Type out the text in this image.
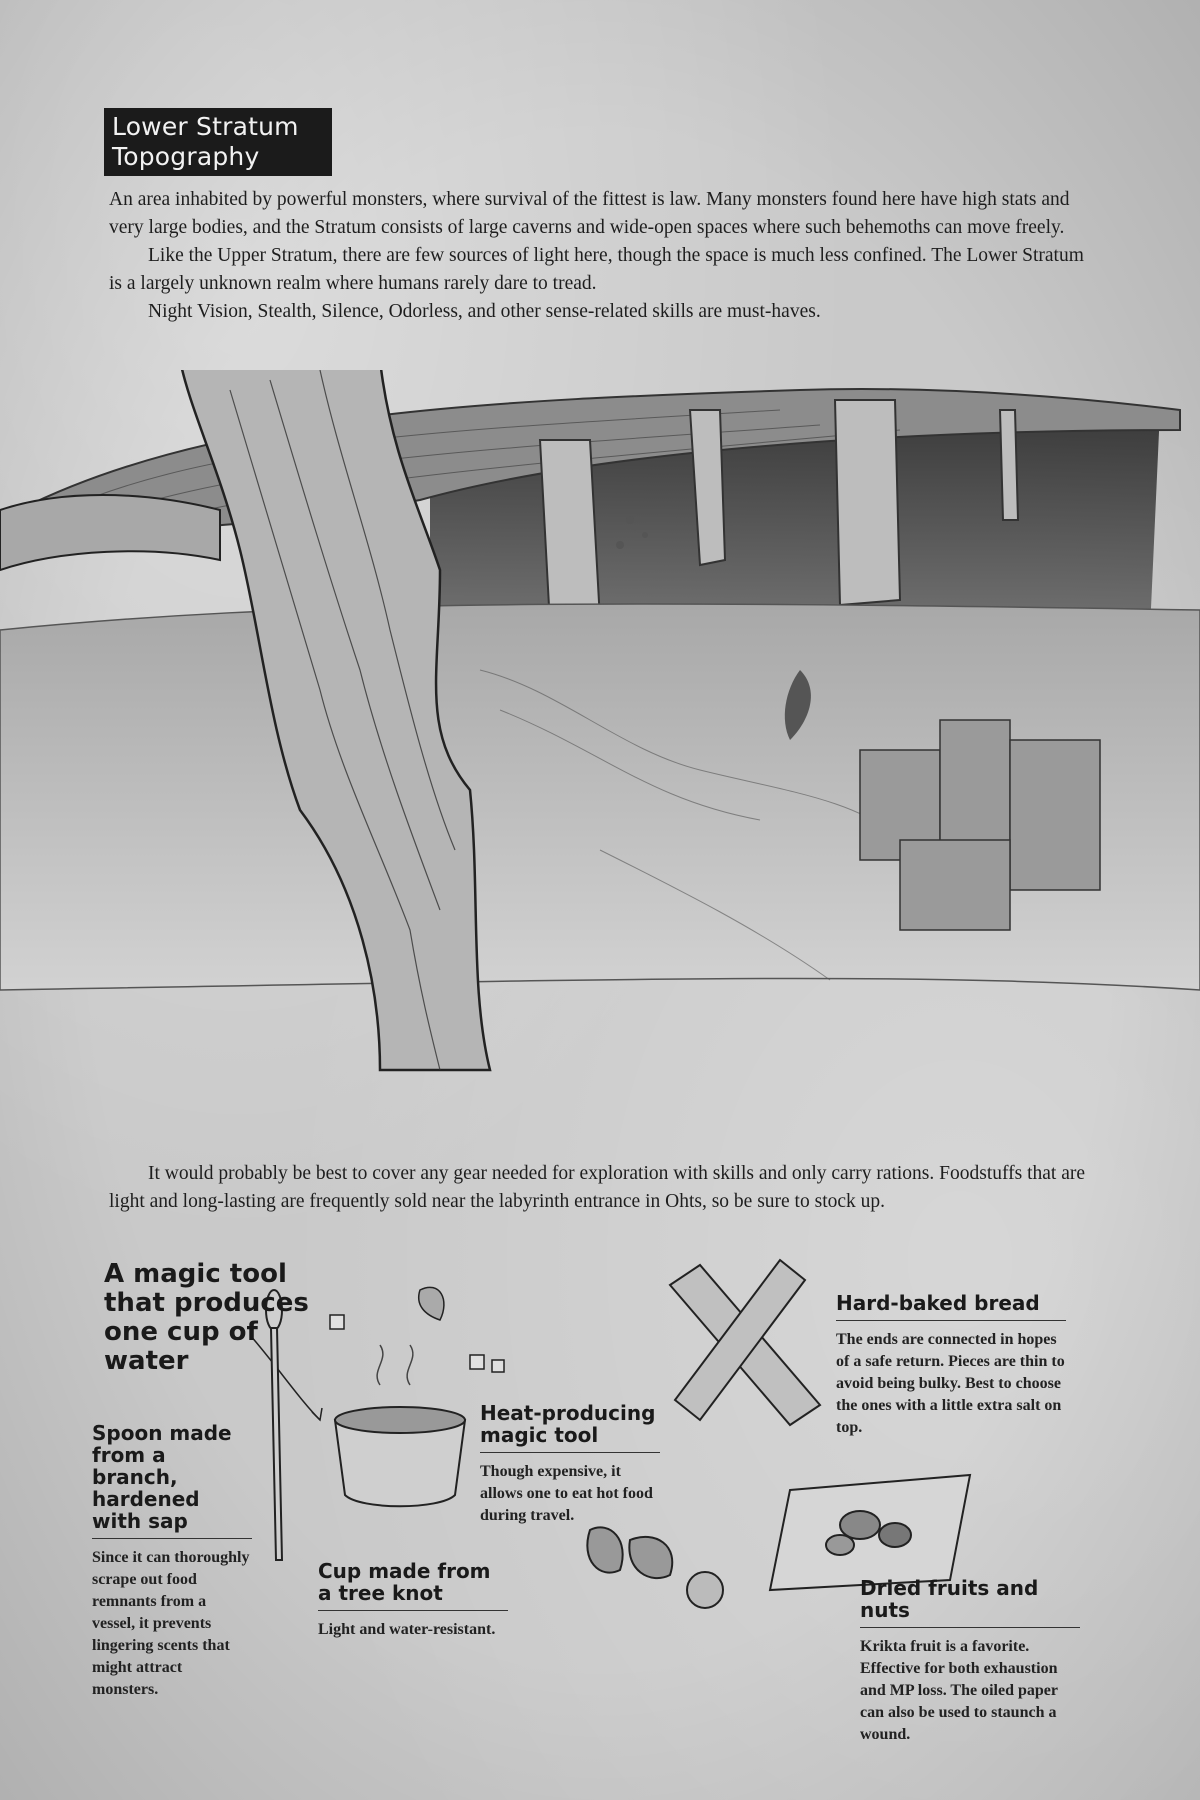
Lower Stratum Topography

An area inhabited by powerful monsters, where survival of the fittest is law. Many monsters found here have high stats and very large bodies, and the Stratum consists of large caverns and wide-open spaces where such behemoths can move freely.

Like the Upper Stratum, there are few sources of light here, though the space is much less confined. The Lower Stratum is a largely unknown realm where humans rarely dare to tread.

Night Vision, Stealth, Silence, Odorless, and other sense-related skills are must-haves.

It would probably be best to cover any gear needed for exploration with skills and only carry rations. Foodstuffs that are light and long-lasting are frequently sold near the labyrinth entrance in Ohts, so be sure to stock up.

A magic tool that produces one cup of water
Spoon made from a branch, hardened with sap
Since it can thoroughly scrape out food remnants from a vessel, it prevents lingering scents that might attract monsters.
Heat-producing magic tool
Though expensive, it allows one to eat hot food during travel.
Cup made from a tree knot
Light and water-resistant.
Hard-baked bread
The ends are connected in hopes of a safe return. Pieces are thin to avoid being bulky. Best to choose the ones with a little extra salt on top.
Dried fruits and nuts
Krikta fruit is a favorite. Effective for both exhaustion and MP loss. The oiled paper can also be used to staunch a wound.
